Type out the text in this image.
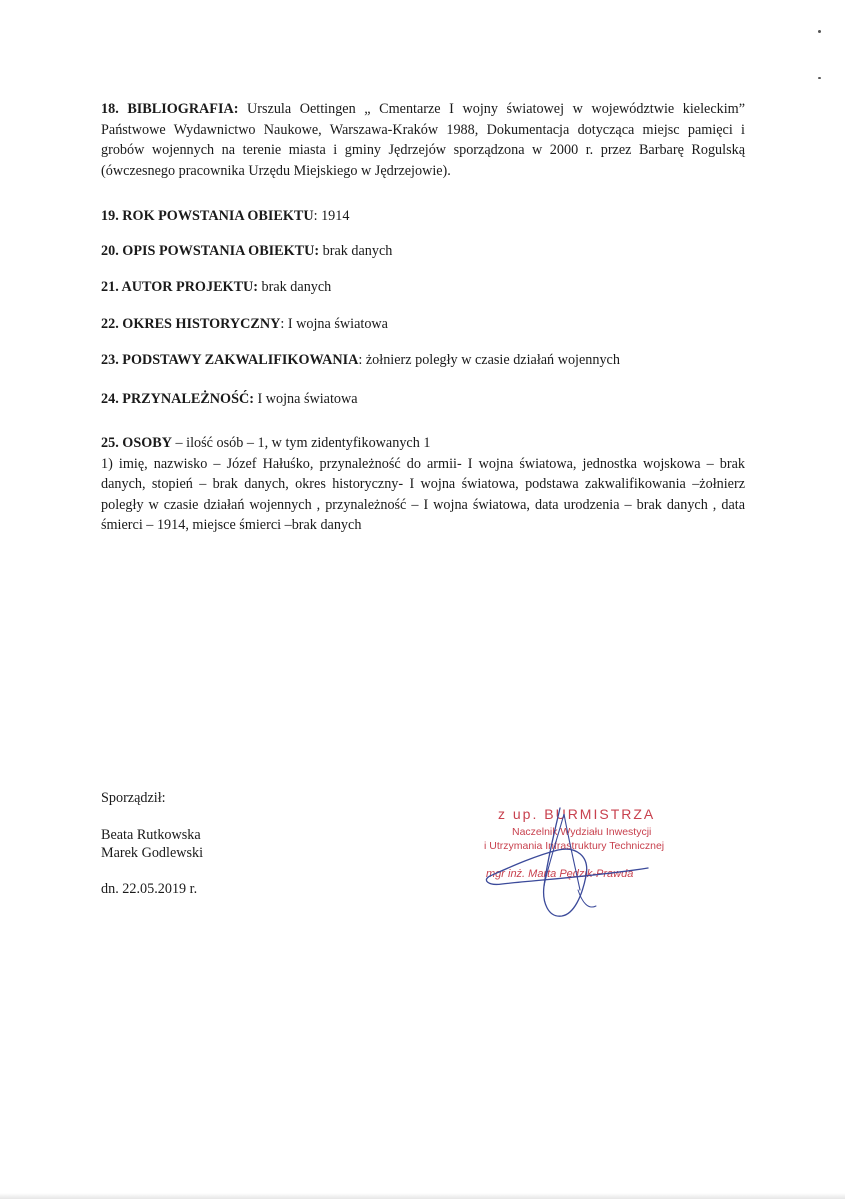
18. BIBLIOGRAFIA: Urszula Oettingen „ Cmentarze I wojny światowej w województwie kieleckim” Państwowe Wydawnictwo Naukowe, Warszawa-Kraków 1988, Dokumentacja dotycząca miejsc pamięci i grobów wojennych na terenie miasta i gminy Jędrzejów sporządzona w 2000 r. przez Barbarę Rogulską (ówczesnego pracownika Urzędu Miejskiego w Jędrzejowie).

19. ROK POWSTANIA OBIEKTU: 1914
20. OPIS POWSTANIA OBIEKTU: brak danych
21. AUTOR PROJEKTU: brak danych
22. OKRES HISTORYCZNY: I wojna światowa
23. PODSTAWY ZAKWALIFIKOWANIA: żołnierz poległy w czasie działań wojennych
24. PRZYNALEŻNOŚĆ: I wojna światowa

25. OSOBY – ilość osób – 1, w tym zidentyfikowanych 1

1) imię, nazwisko – Józef Hałuśko, przynależność do armii- I wojna światowa, jednostka wojskowa – brak danych, stopień – brak danych, okres historyczny- I wojna światowa, podstawa zakwalifikowania –żołnierz poległy w czasie działań wojennych , przynależność – I wojna światowa, data urodzenia – brak danych , data śmierci – 1914, miejsce śmierci –brak danych

Sporządził:
Beata Rutkowska
Marek Godlewski
dn. 22.05.2019 r.
z up. BURMISTRZA
Naczelnik Wydziału Inwestycji
i Utrzymania Infrastruktury Technicznej
mgr inż. Marta Pędzik-Prawda
